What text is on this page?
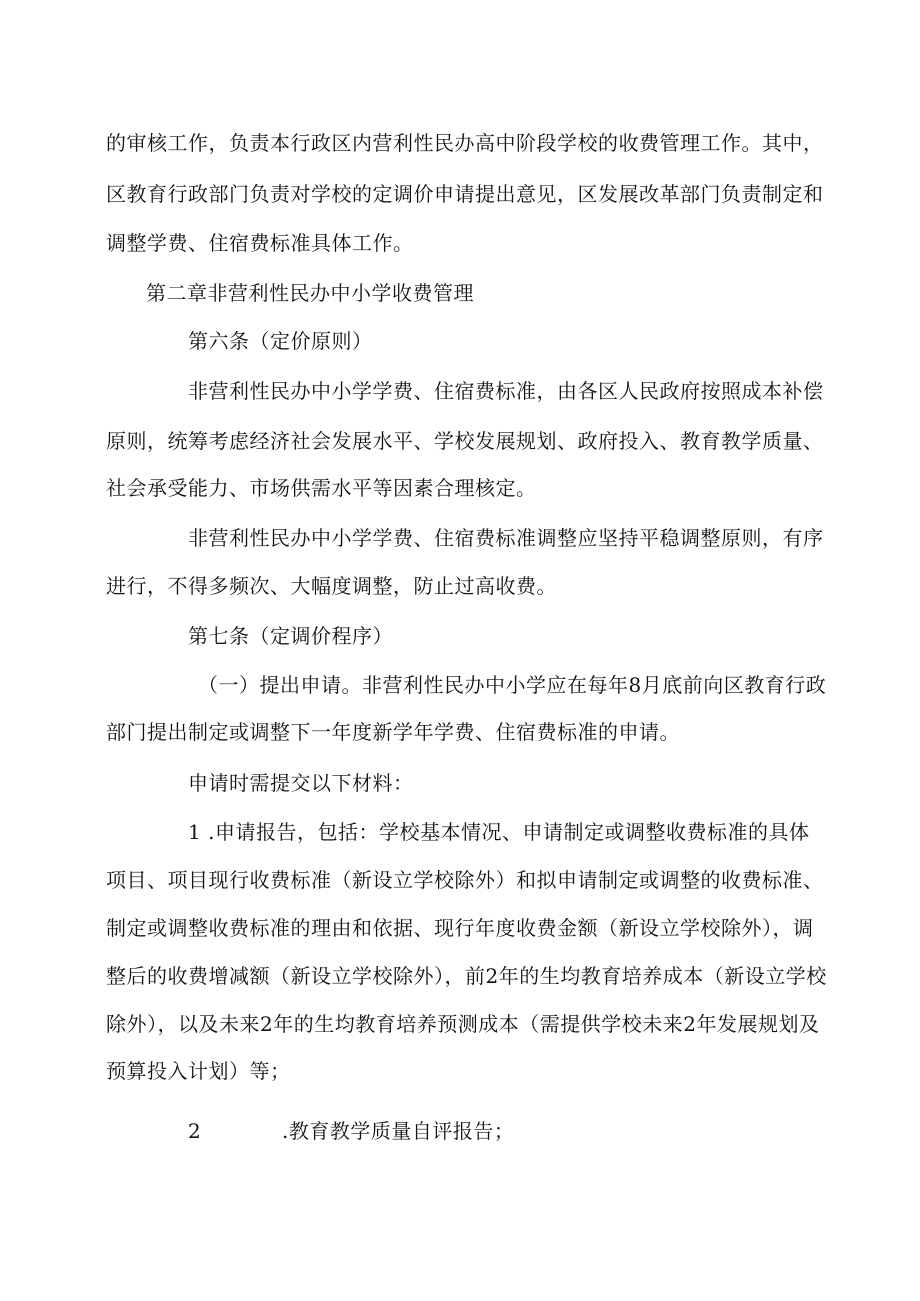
的审核工作，负责本行政区内营利性民办高中阶段学校的收费管理工作。其中，

区教育行政部门负责对学校的定调价申请提出意见，区发展改革部门负责制定和

调整学费、住宿费标准具体工作。

第二章非营利性民办中小学收费管理

第六条（定价原则）

非营利性民办中小学学费、住宿费标准，由各区人民政府按照成本补偿

原则，统筹考虑经济社会发展水平、学校发展规划、政府投入、教育教学质量、

社会承受能力、市场供需水平等因素合理核定。

非营利性民办中小学学费、住宿费标准调整应坚持平稳调整原则，有序

进行，不得多频次、大幅度调整，防止过高收费。

第七条（定调价程序）

（一）提出申请。非营利性民办中小学应在每年8月底前向区教育行政

部门提出制定或调整下一年度新学年学费、住宿费标准的申请。

申请时需提交以下材料：

1 .申请报告，包括：学校基本情况、申请制定或调整收费标准的具体

项目、项目现行收费标准（新设立学校除外）和拟申请制定或调整的收费标准、

制定或调整收费标准的理由和依据、现行年度收费金额（新设立学校除外），调

整后的收费增减额（新设立学校除外），前2年的生均教育培养成本（新设立学校

除外），以及未来2年的生均教育培养预测成本（需提供学校未来2年发展规划及

预算投入计划）等；

2	.教育教学质量自评报告；
